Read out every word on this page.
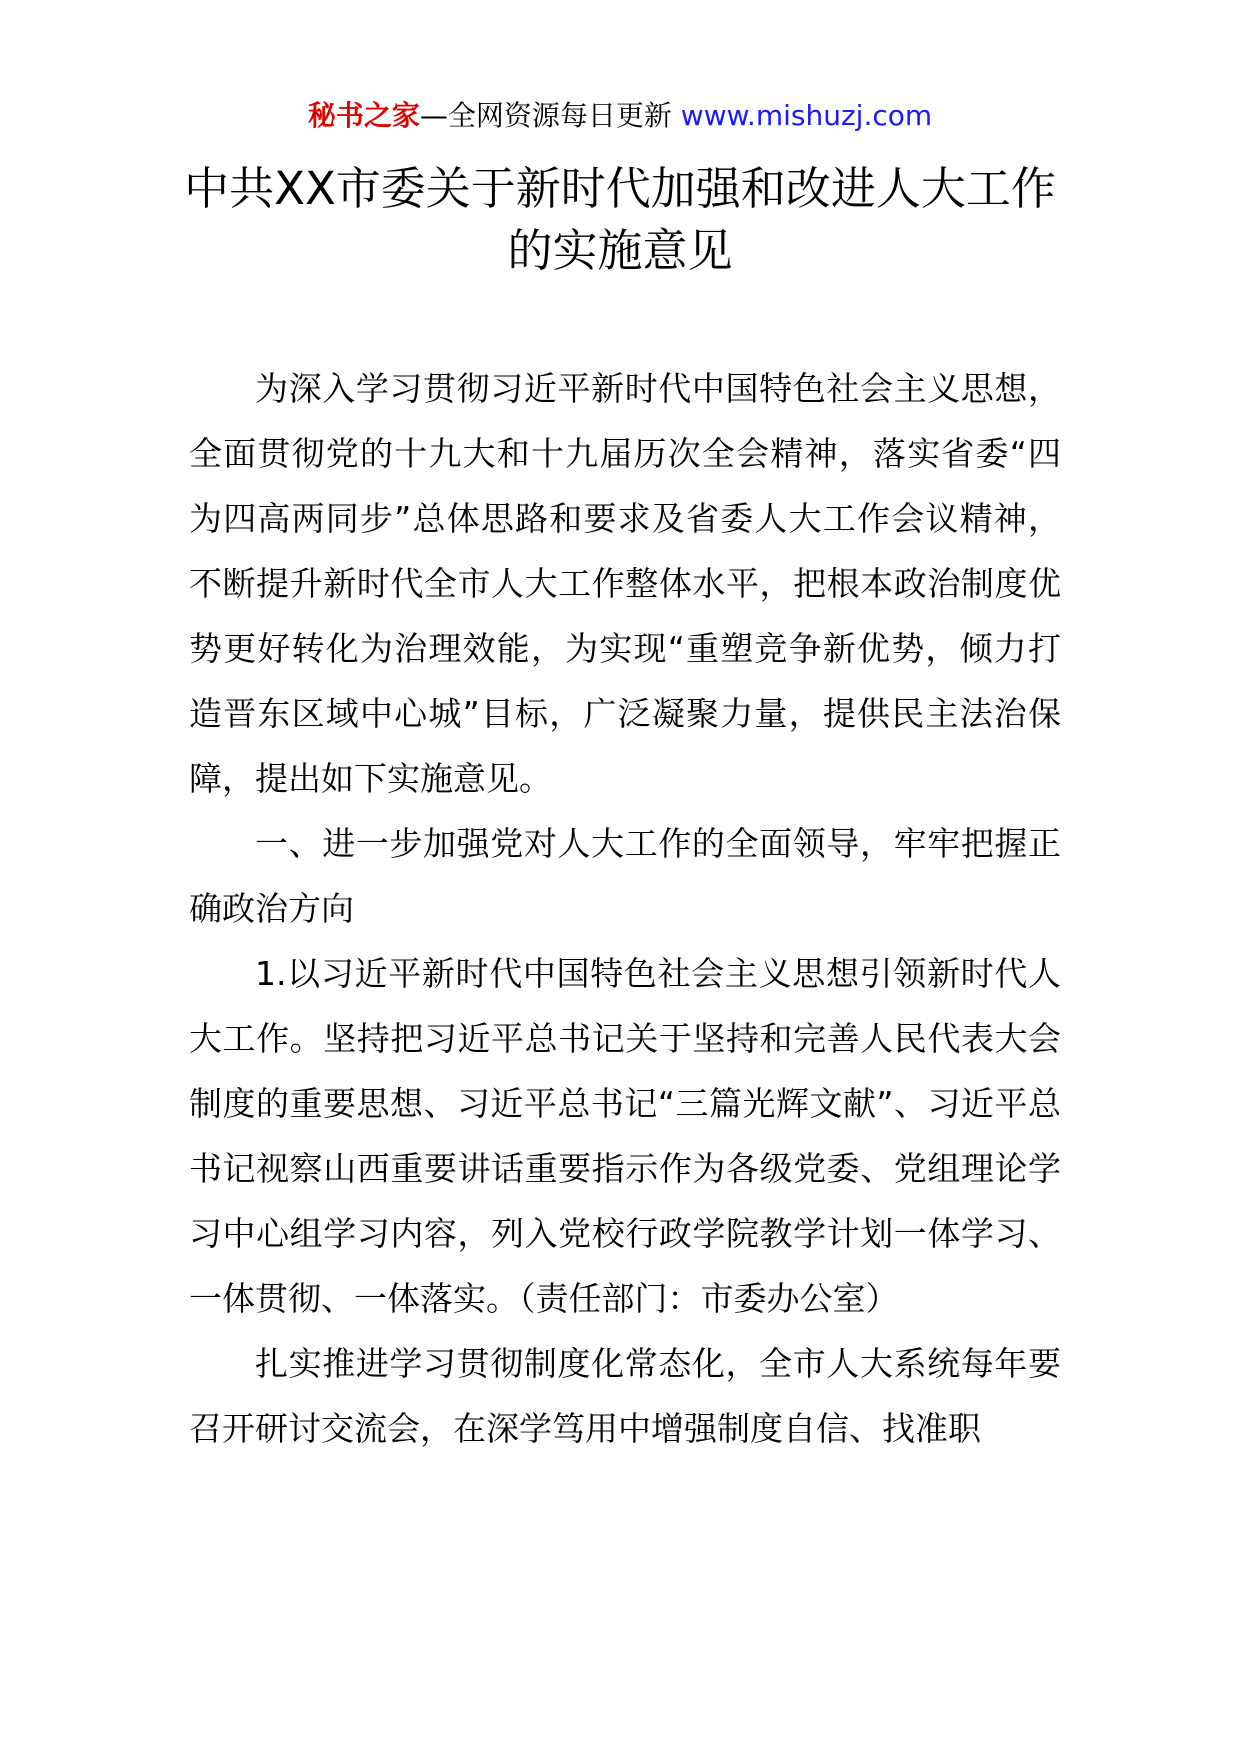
秘书之家—全网资源每日更新 www.mishuzj.com
中共XX市委关于新时代加强和改进人大工作的实施意见

为深入学习贯彻习近平新时代中国特色社会主义思想，全面贯彻党的十九大和十九届历次全会精神，落实省委“四为四高两同步”总体思路和要求及省委人大工作会议精神，不断提升新时代全市人大工作整体水平，把根本政治制度优势更好转化为治理效能，为实现“重塑竞争新优势，倾力打造晋东区域中心城”目标，广泛凝聚力量，提供民主法治保障，提出如下实施意见。

一、进一步加强党对人大工作的全面领导，牢牢把握正确政治方向

1.以习近平新时代中国特色社会主义思想引领新时代人大工作。坚持把习近平总书记关于坚持和完善人民代表大会制度的重要思想、习近平总书记“三篇光辉文献”、习近平总书记视察山西重要讲话重要指示作为各级党委、党组理论学习中心组学习内容，列入党校行政学院教学计划一体学习、一体贯彻、一体落实。（责任部门：市委办公室）

扎实推进学习贯彻制度化常态化，全市人大系统每年要召开研讨交流会，在深学笃用中增强制度自信、找准职
